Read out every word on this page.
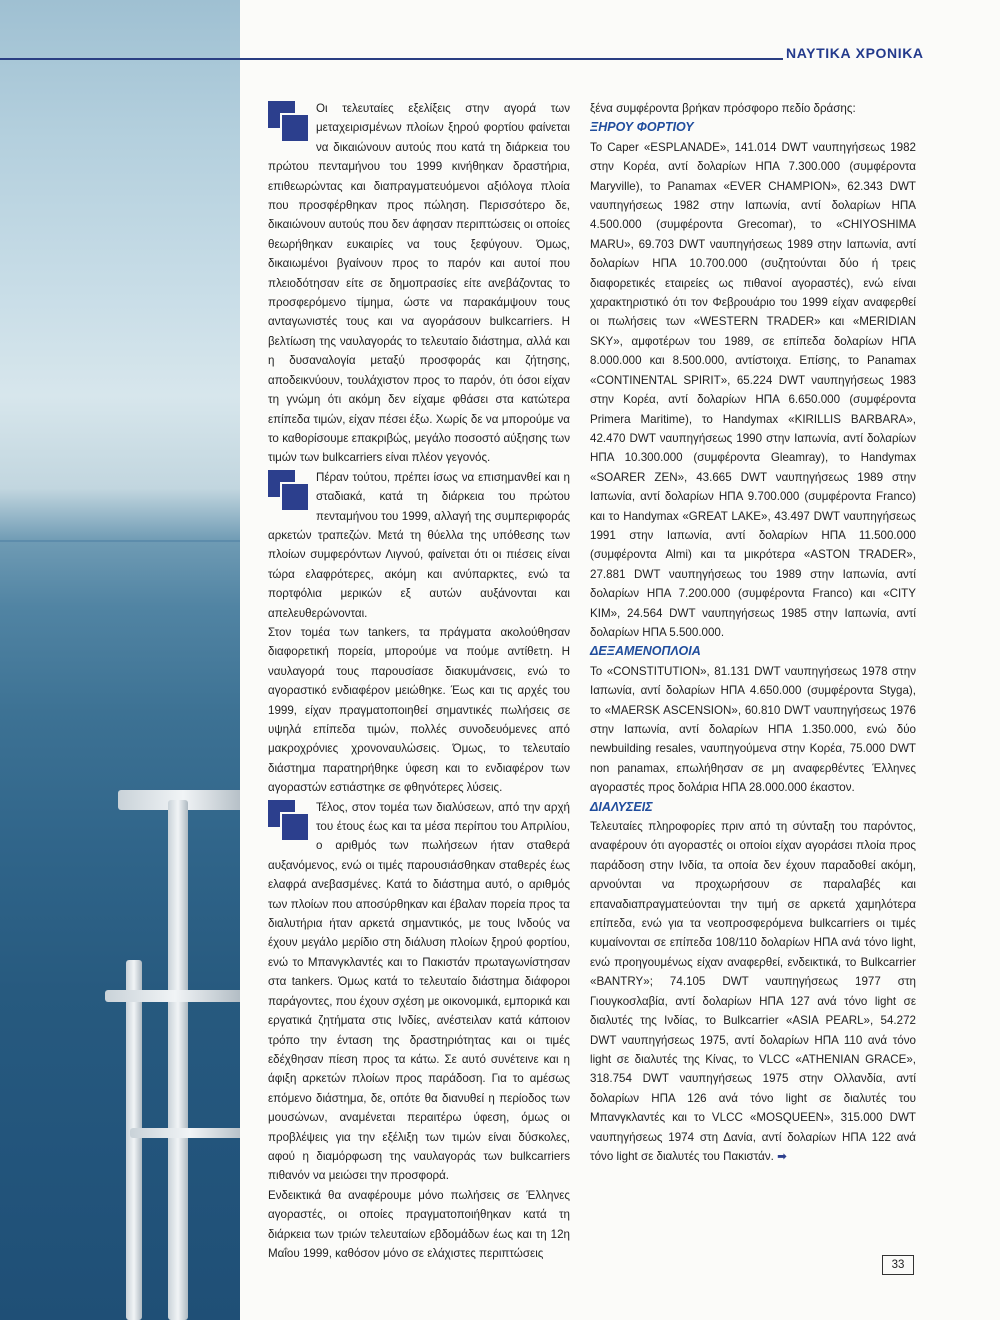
ΝΑΥΤΙΚΑ ΧΡΟΝΙΚΑ

Οι τελευταίες εξελίξεις στην αγορά των μεταχειρισμένων πλοίων ξηρού φορτίου φαίνεται να δικαιώνουν αυτούς που κατά τη διάρκεια του πρώτου πενταμήνου του 1999 κινήθηκαν δραστήρια, επιθεωρώντας και διαπραγματευόμενοι αξιόλογα πλοία που προσφέρθηκαν προς πώληση. Περισσότερο δε, δικαιώνουν αυτούς που δεν άφησαν περιπτώσεις οι οποίες θεωρήθηκαν ευκαιρίες να τους ξεφύγουν. Όμως, δικαιωμένοι βγαίνουν προς το παρόν και αυτοί που πλειοδότησαν είτε σε δημοπρασίες είτε ανεβάζοντας το προσφερόμενο τίμημα, ώστε να παρακάμψουν τους ανταγωνιστές τους και να αγοράσουν bulkcarriers. Η βελτίωση της ναυλαγοράς το τελευταίο διάστημα, αλλά και η δυσαναλογία μεταξύ προσφοράς και ζήτησης, αποδεικνύουν, τουλάχιστον προς το παρόν, ότι όσοι είχαν τη γνώμη ότι ακόμη δεν είχαμε φθάσει στα κατώτερα επίπεδα τιμών, είχαν πέσει έξω. Χωρίς δε να μπορούμε να το καθορίσουμε επακριβώς, μεγάλο ποσοστό αύξησης των τιμών των bulkcarriers είναι πλέον γεγονός.

Πέραν τούτου, πρέπει ίσως να επισημανθεί και η σταδιακά, κατά τη διάρκεια του πρώτου πενταμήνου του 1999, αλλαγή της συμπεριφοράς αρκετών τραπεζών. Μετά τη θύελλα της υπόθεσης των πλοίων συμφερόντων Λιγνού, φαίνεται ότι οι πιέσεις είναι τώρα ελαφρότερες, ακόμη και ανύπαρκτες, ενώ τα πορτφόλια μερικών εξ αυτών αυξάνονται και απελευθερώνονται.

Στον τομέα των tankers, τα πράγματα ακολούθησαν διαφορετική πορεία, μπορούμε να πούμε αντίθετη. Η ναυλαγορά τους παρουσίασε διακυμάνσεις, ενώ το αγοραστικό ενδιαφέρον μειώθηκε. Έως και τις αρχές του 1999, είχαν πραγματοποιηθεί σημαντικές πωλήσεις σε υψηλά επίπεδα τιμών, πολλές συνοδευόμενες από μακροχρόνιες χρονοναυλώσεις. Όμως, το τελευταίο διάστημα παρατηρήθηκε ύφεση και το ενδιαφέρον των αγοραστών εστιάστηκε σε φθηνότερες λύσεις.

Τέλος, στον τομέα των διαλύσεων, από την αρχή του έτους έως και τα μέσα περίπου του Απριλίου, ο αριθμός των πωλήσεων ήταν σταθερά αυξανόμενος, ενώ οι τιμές παρουσιάσθηκαν σταθερές έως ελαφρά ανεβασμένες. Κατά το διάστημα αυτό, ο αριθμός των πλοίων που αποσύρθηκαν και έβαλαν πορεία προς τα διαλυτήρια ήταν αρκετά σημαντικός, με τους Ινδούς να έχουν μεγάλο μερίδιο στη διάλυση πλοίων ξηρού φορτίου, ενώ το Μπανγκλαντές και το Πακιστάν πρωταγωνίστησαν στα tankers. Όμως κατά το τελευταίο διάστημα διάφοροι παράγοντες, που έχουν σχέση με οικονομικά, εμπορικά και εργατικά ζητήματα στις Ινδίες, ανέστειλαν κατά κάποιον τρόπο την ένταση της δραστηριότητας και οι τιμές εδέχθησαν πίεση προς τα κάτω. Σε αυτό συνέτεινε και η άφιξη αρκετών πλοίων προς παράδοση. Για το αμέσως επόμενο διάστημα, δε, οπότε θα διανυθεί η περίοδος των μουσώνων, αναμένεται περαιτέρω ύφεση, όμως οι προβλέψεις για την εξέλιξη των τιμών είναι δύσκολες, αφού η διαμόρφωση της ναυλαγοράς των bulkcarriers πιθανόν να μειώσει την προσφορά.

Ενδεικτικά θα αναφέρουμε μόνο πωλήσεις σε Έλληνες αγοραστές, οι οποίες πραγματοποιήθηκαν κατά τη διάρκεια των τριών τελευταίων εβδομάδων έως και τη 12η Μαΐου 1999, καθόσον μόνο σε ελάχιστες περιπτώσεις

ξένα συμφέροντα βρήκαν πρόσφορο πεδίο δράσης:

ΞΗΡΟΥ ΦΟΡΤΙΟΥ

Το Caper «ESPLANADE», 141.014 DWT ναυπηγήσεως 1982 στην Κορέα, αντί δολαρίων ΗΠΑ 7.300.000 (συμφέροντα Maryville), το Panamax «EVER CHAMPION», 62.343 DWT ναυπηγήσεως 1982 στην Ιαπωνία, αντί δολαρίων ΗΠΑ 4.500.000 (συμφέροντα Grecomar), το «CHIYOSHIMA MARU», 69.703 DWT ναυπηγήσεως 1989 στην Ιαπωνία, αντί δολαρίων ΗΠΑ 10.700.000 (συζητούνται δύο ή τρεις διαφορετικές εταιρείες ως πιθανοί αγοραστές), ενώ είναι χαρακτηριστικό ότι τον Φεβρουάριο του 1999 είχαν αναφερθεί οι πωλήσεις των «WESTERN TRADER» και «MERIDIAN SKY», αμφοτέρων του 1989, σε επίπεδα δολαρίων ΗΠΑ 8.000.000 και 8.500.000, αντίστοιχα. Επίσης, το Panamax «CONTINENTAL SPIRIT», 65.224 DWT ναυπηγήσεως 1983 στην Κορέα, αντί δολαρίων ΗΠΑ 6.650.000 (συμφέροντα Primera Maritime), το Handymax «KIRILLIS BARBARA», 42.470 DWT ναυπηγήσεως 1990 στην Ιαπωνία, αντί δολαρίων ΗΠΑ 10.300.000 (συμφέροντα Gleamray), το Handymax «SOARER ZEN», 43.665 DWT ναυπηγήσεως 1989 στην Ιαπωνία, αντί δολαρίων ΗΠΑ 9.700.000 (συμφέροντα Franco) και το Handymax «GREAT LAKE», 43.497 DWT ναυπηγήσεως 1991 στην Ιαπωνία, αντί δολαρίων ΗΠΑ 11.500.000 (συμφέροντα Almi) και τα μικρότερα «ASTON TRADER», 27.881 DWT ναυπηγήσεως του 1989 στην Ιαπωνία, αντί δολαρίων ΗΠΑ 7.200.000 (συμφέροντα Franco) και «CITY KIM», 24.564 DWT ναυπηγήσεως 1985 στην Ιαπωνία, αντί δολαρίων ΗΠΑ 5.500.000.

ΔΕΞΑΜΕΝΟΠΛΟΙΑ

Το «CONSTITUTION», 81.131 DWT ναυπηγήσεως 1978 στην Ιαπωνία, αντί δολαρίων ΗΠΑ 4.650.000 (συμφέροντα Styga), το «MAERSK ASCENSION», 60.810 DWT ναυπηγήσεως 1976 στην Ιαπωνία, αντί δολαρίων ΗΠΑ 1.350.000, ενώ δύο newbuilding resales, ναυπηγούμενα στην Κορέα, 75.000 DWT non panamax, επωλήθησαν σε μη αναφερθέντες Έλληνες αγοραστές προς δολάρια ΗΠΑ 28.000.000 έκαστον.

ΔΙΑΛΥΣΕΙΣ

Τελευταίες πληροφορίες πριν από τη σύνταξη του παρόντος, αναφέρουν ότι αγοραστές οι οποίοι είχαν αγοράσει πλοία προς παράδοση στην Ινδία, τα οποία δεν έχουν παραδοθεί ακόμη, αρνούνται να προχωρήσουν σε παραλαβές και επαναδιαπραγματεύονται την τιμή σε αρκετά χαμηλότερα επίπεδα, ενώ για τα νεοπροσφερόμενα bulkcarriers οι τιμές κυμαίνονται σε επίπεδα 108/110 δολαρίων ΗΠΑ ανά τόνο light, ενώ προηγουμένως είχαν αναφερθεί, ενδεικτικά, το Bulkcarrier «BANTRY»; 74.105 DWT ναυπηγήσεως 1977 στη Γιουγκοσλαβία, αντί δολαρίων ΗΠΑ 127 ανά τόνο light σε διαλυτές της Ινδίας, το Bulkcarrier «ASIA PEARL», 54.272 DWT ναυπηγήσεως 1975, αντί δολαρίων ΗΠΑ 110 ανά τόνο light σε διαλυτές της Κίνας, το VLCC «ATHENIAN GRACE», 318.754 DWT ναυπηγήσεως 1975 στην Ολλανδία, αντί δολαρίων ΗΠΑ 126 ανά τόνο light σε διαλυτές του Μπανγκλαντές και το VLCC «MOSQUEEN», 315.000 DWT ναυπηγήσεως 1974 στη Δανία, αντί δολαρίων ΗΠΑ 122 ανά τόνο light σε διαλυτές του Πακιστάν. ➡

33
